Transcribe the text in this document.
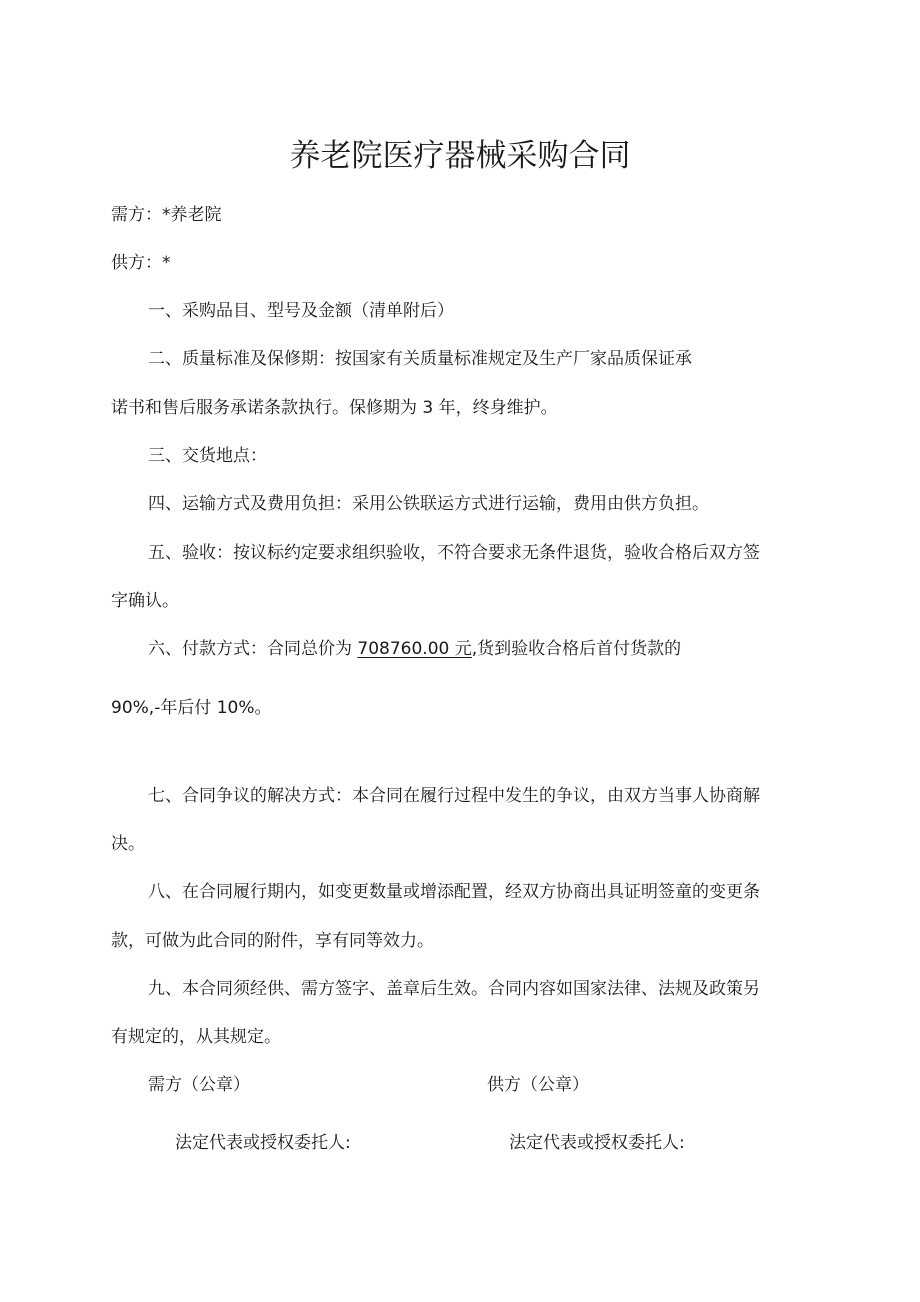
养老院医疗器械采购合同
需方：*养老院
供方：*
一、采购品目、型号及金额（清单附后）
二、质量标准及保修期：按国家有关质量标准规定及生产厂家品质保证承
诺书和售后服务承诺条款执行。保修期为 3 年，终身维护。
三、交货地点：
四、运输方式及费用负担：采用公铁联运方式进行运输，费用由供方负担。
五、验收：按议标约定要求组织验收，不符合要求无条件退货，验收合格后双方签
字确认。
六、付款方式：合同总价为 708760.00 元,货到验收合格后首付货款的
90%,-年后付 10%。
七、合同争议的解决方式：本合同在履行过程中发生的争议，由双方当事人协商解
决。
八、在合同履行期内，如变更数量或增添配置，经双方协商出具证明签童的变更条
款，可做为此合同的附件，享有同等效力。
九、本合同须经供、需方签字、盖章后生效。合同内容如国家法律、法规及政策另
有规定的，从其规定。
需方（公章）	供方（公章）
法定代表或授权委托人:	法定代表或授权委托人:
